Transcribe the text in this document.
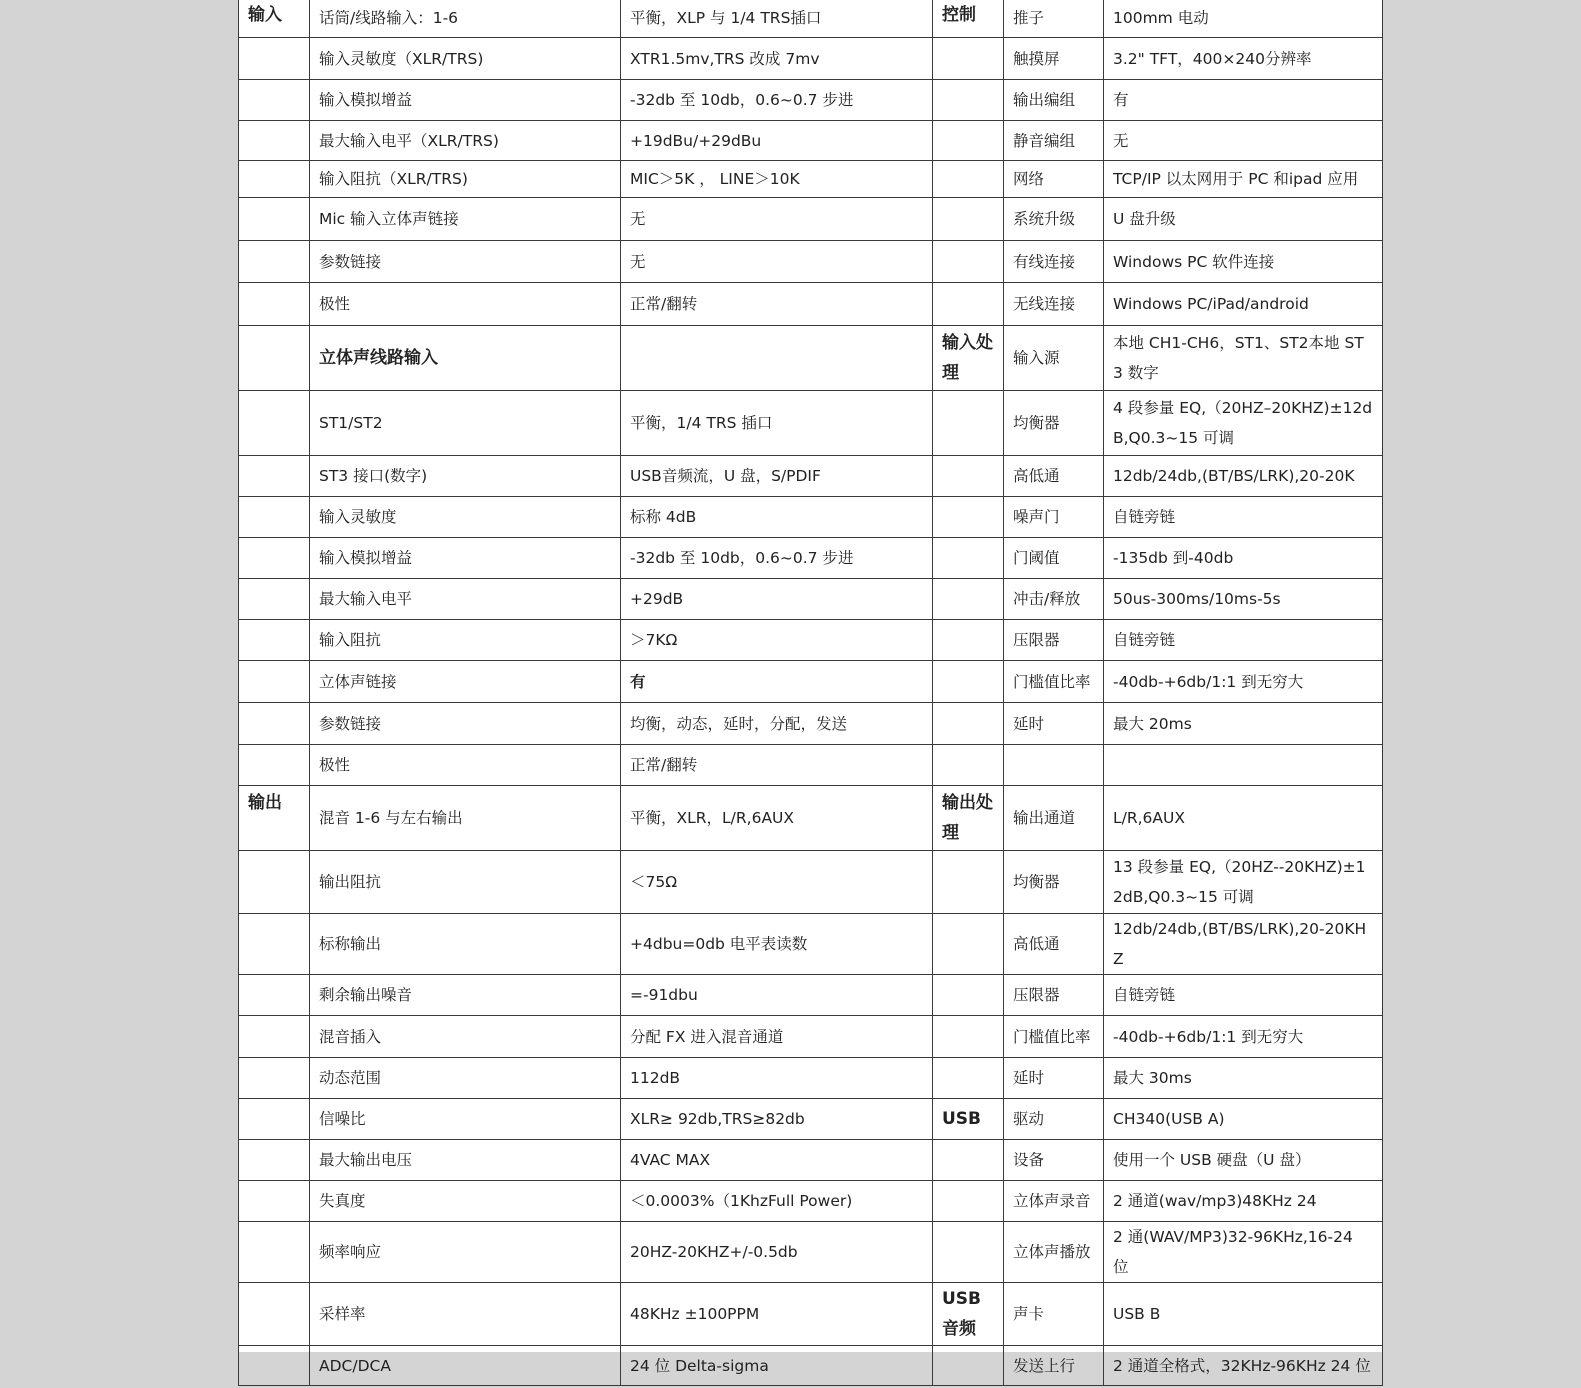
输入	话筒/线路输入：1-6	平衡，XLP 与 1/4 TRS插口	控制	推子	100mm 电动
	输入灵敏度（XLR/TRS)	XTR1.5mv,TRS 改成 7mv		触摸屏	3.2" TFT，400×240分辨率
	输入模拟增益	-32db 至 10db，0.6~0.7 步进		输出编组	有
	最大输入电平（XLR/TRS)	+19dBu/+29dBu		静音编组	无
	输入阻抗（XLR/TRS)	MIC＞5K ， LINE＞10K		网络	TCP/IP 以太网用于 PC 和ipad 应用
	Mic 输入立体声链接	无		系统升级	U 盘升级
	参数链接	无		有线连接	Windows PC 软件连接
	极性	正常/翻转		无线连接	Windows PC/iPad/android
	立体声线路输入		输入处理	输入源	本地 CH1-CH6，ST1、ST2本地 ST3 数字
	ST1/ST2	平衡，1/4 TRS 插口		均衡器	4 段参量 EQ,（20HZ–20KHZ)±12dB,Q0.3~15 可调
	ST3 接口(数字)	USB音频流，U 盘，S/PDIF		高低通	12db/24db,(BT/BS/LRK),20-20K
	输入灵敏度	标称 4dB		噪声门	自链旁链
	输入模拟增益	-32db 至 10db，0.6~0.7 步进		门阈值	-135db 到-40db
	最大输入电平	+29dB		冲击/释放	50us-300ms/10ms-5s
	输入阻抗	＞7KΩ		压限器	自链旁链
	立体声链接	有		门槛值比率	-40db-+6db/1:1 到无穷大
	参数链接	均衡，动态，延时，分配，发送		延时	最大 20ms
	极性	正常/翻转			
输出	混音 1-6 与左右输出	平衡，XLR，L/R,6AUX	输出处理	输出通道	L/R,6AUX
	输出阻抗	＜75Ω		均衡器	13 段参量 EQ,（20HZ--20KHZ)±12dB,Q0.3~15 可调
	标称输出	+4dbu=0db 电平表读数		高低通	12db/24db,(BT/BS/LRK),20-20KHZ
	剩余输出噪音	=-91dbu		压限器	自链旁链
	混音插入	分配 FX 进入混音通道		门槛值比率	-40db-+6db/1:1 到无穷大
	动态范围	112dB		延时	最大 30ms
	信噪比	XLR≥ 92db,TRS≥82db	USB	驱动	CH340(USB A)
	最大输出电压	4VAC MAX		设备	使用一个 USB 硬盘（U 盘）
	失真度	＜0.0003%（1KhzFull Power)		立体声录音	2 通道(wav/mp3)48KHz 24
	频率响应	20HZ-20KHZ+/-0.5db		立体声播放	2 通(WAV/MP3)32-96KHz,16-24 位
	采样率	48KHz ±100PPM	USB 音频	声卡	USB B
	ADC/DCA	24 位 Delta-sigma		发送上行	2 通道全格式，32KHz-96KHz 24 位
